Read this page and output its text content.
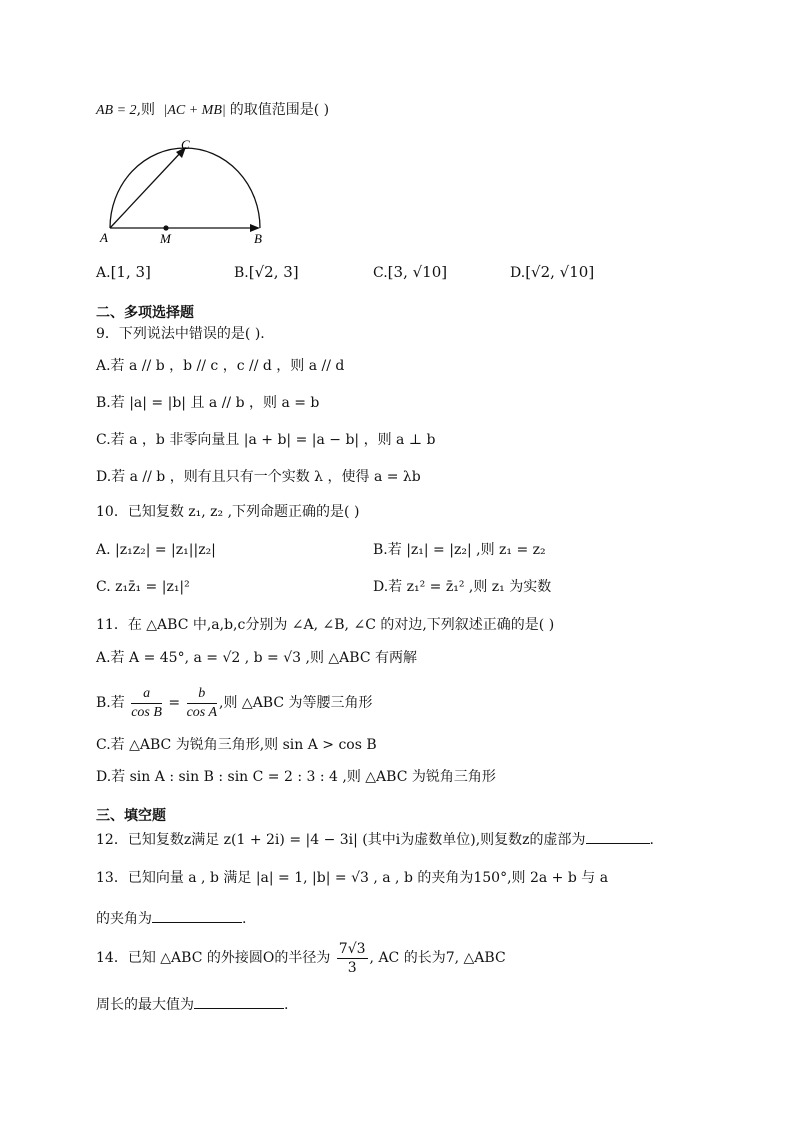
AB = 2,则 |AC + MB| 的取值范围是( )
A	M	B
C
A.[1, 3]	B.[√2, 3]	C.[3, √10]	D.[√2, √10]
二、多项选择题
9．下列说法中错误的是( ).
A.若 a // b ，b // c ，c // d ，则 a // d
B.若 |a| = |b| 且 a // b ，则 a = b
C.若 a ，b 非零向量且 |a + b| = |a − b| ，则 a ⊥ b
D.若 a // b ，则有且只有一个实数 λ ，使得 a = λb
10．已知复数 z₁, z₂ ,下列命题正确的是( )
A. |z₁z₂| = |z₁||z₂|	B.若 |z₁| = |z₂| ,则 z₁ = z₂
C. z₁z̄₁ = |z₁|²	D.若 z₁² = z̄₁² ,则 z₁ 为实数
11．在 △ABC 中,a,b,c分别为 ∠A, ∠B, ∠C 的对边,下列叙述正确的是( )
A.若 A = 45°, a = √2 , b = √3 ,则 △ABC 有两解
B.若 $\frac{a}{\text{cos B}} = \frac{b}{\text{cos A}}$ ,则 △ABC 为等腰三角形
C.若 △ABC 为锐角三角形,则 sin A > cos B
D.若 sin A : sin B : sin C = 2 : 3 : 4 ,则 △ABC 为锐角三角形
三、填空题
12．已知复数z满足 z(1 + 2i) = |4 − 3i| (其中i为虚数单位),则复数z的虚部为	.
13．已知向量 a , b 满足 |a| = 1, |b| = √3 , a , b 的夹角为150°,则 2a + b 与 a
的夹角为	.
14．已知 △ABC 的外接圆O的半径为 $\frac{7√3}{3}$ , AC 的长为7, △ABC
周长的最大值为	.
